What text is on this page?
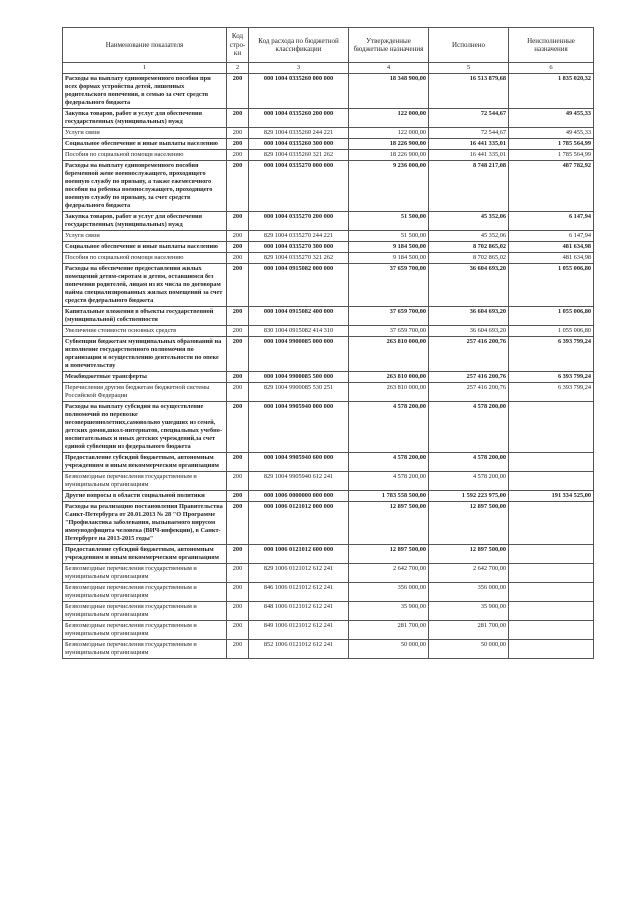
Наименование показателя	Код стро-ки	Код расхода по бюджетной классификации	Утвержденные бюджетные назначения	Исполнено	Неисполненные назначения
1	2	3	4	5	6
Расходы на выплату единовременного пособия при всех формах устройства детей, лишенных родительского попечения, в семью за счет средств федерального бюджета	200	000 1004 0335260 000 000	18 348 900,00	16 513 879,68	1 835 020,32
Закупка товаров, работ и услуг для обеспечения государственных (муниципальных) нужд	200	000 1004 0335260 200 000	122 000,00	72 544,67	49 455,33
Услуги связи	200	829 1004 0335260 244 221	122 000,00	72 544,67	49 455,33
Социальное обеспечение и иные выплаты населению	200	000 1004 0335260 300 000	18 226 900,00	16 441 335,01	1 785 564,99
Пособия по социальной помощи населению	200	829 1004 0335260 321 262	18 226 900,00	16 441 335,01	1 785 564,99
Расходы на выплату единовременного пособия беременной жене военнослужащего, проходящего военную службу по призыву, а также ежемесячного пособия на ребенка военнослужащего, проходящего военную службу по призыву, за счет средств федерального бюджета	200	000 1004 0335270 000 000	9 236 000,00	8 748 217,08	487 782,92
Закупка товаров, работ и услуг для обеспечения государственных (муниципальных) нужд	200	000 1004 0335270 200 000	51 500,00	45 352,06	6 147,94
Услуги связи	200	829 1004 0335270 244 221	51 500,00	45 352,06	6 147,94
Социальное обеспечение и иные выплаты населению	200	000 1004 0335270 300 000	9 184 500,00	8 702 865,02	481 634,98
Пособия по социальной помощи населению	200	829 1004 0335270 321 262	9 184 500,00	8 702 865,02	481 634,98
Расходы на обеспечение предоставления жилых помещений детям-сиротам и детям, оставшимся без попечения родителей, лицам из их числа по договорам найма специализированных жилых помещений за счет средств федерального бюджета	200	000 1004 0915082 000 000	37 659 700,00	36 604 693,20	1 055 006,80
Капитальные вложения в объекты государственной (муниципальной) собственности	200	000 1004 0915082 400 000	37 659 700,00	36 604 693,20	1 055 006,80
Увеличение стоимости основных средств	200	830 1004 0915082 414 310	37 659 700,00	36 604 693,20	1 055 006,80
Субвенции бюджетам муниципальных образований на исполнение государственного полномочия по организации и осуществлению деятельности по опеке и попечительству	200	000 1004 9900085 000 000	263 810 000,00	257 416 200,76	6 393 799,24
Межбюджетные трансферты	200	000 1004 9900085 500 000	263 810 000,00	257 416 200,76	6 393 799,24
Перечисления другим бюджетам бюджетной системы Российской Федерации	200	829 1004 9900085 530 251	263 810 000,00	257 416 200,76	6 393 799,24
Расходы на выплату субсидии на осуществление полномочий по перевозке несовершеннолетних,самовольно ушедших из семей, детских домов,школ-интернатов, специальных учебно-воспитательных и иных детских учреждений,за счет единой субвенции из федерального бюджета	200	000 1004 9905940 000 000	4 578 200,00	4 578 200,00	
Предоставление субсидий бюджетным, автономным учреждениям и иным некоммерческим организациям	200	000 1004 9905940 600 000	4 578 200,00	4 578 200,00	
Безвозмездные перечисления государственным и муниципальным организациям	200	829 1004 9905940 612 241	4 578 200,00	4 578 200,00	
Другие вопросы в области социальной политики	200	000 1006 0000000 000 000	1 783 558 500,00	1 592 223 975,00	191 334 525,00
Расходы на реализацию постановления Правительства Санкт-Петербурга от 20.01.2013 № 28 "О Программе "Профилактика заболевания, вызываемого вирусом иммунодефицита человека (ВИЧ-инфекции), в Санкт-Петербурге на 2013-2015 годы"	200	000 1006 0121012 000 000	12 897 500,00	12 897 500,00	
Предоставление субсидий бюджетным, автономным учреждениям и иным некоммерческим организациям	200	000 1006 0121012 600 000	12 897 500,00	12 897 500,00	
Безвозмездные перечисления государственным и муниципальным организациям	200	829 1006 0121012 612 241	2 642 700,00	2 642 700,00	
Безвозмездные перечисления государственным и муниципальным организациям	200	846 1006 0121012 612 241	356 000,00	356 000,00	
Безвозмездные перечисления государственным и муниципальным организациям	200	848 1006 0121012 612 241	35 900,00	35 900,00	
Безвозмездные перечисления государственным и муниципальным организациям	200	849 1006 0121012 612 241	281 700,00	281 700,00	
Безвозмездные перечисления государственным и муниципальным организациям	200	852 1006 0121012 612 241	50 000,00	50 000,00	
